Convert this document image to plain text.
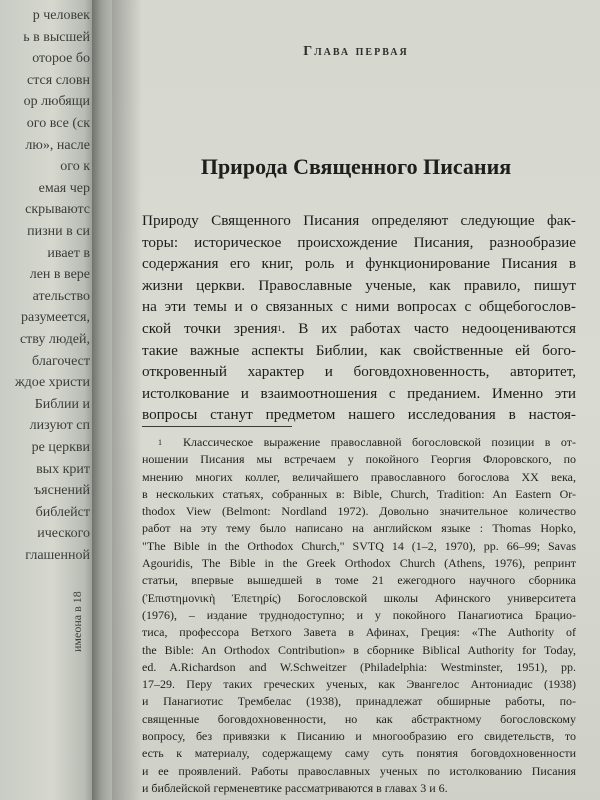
р человек
ь в высшей
оторое бо
стся словн
ор любящи
ого все (ск
лю», насле
ого к
емая чер
скрываютс
пизни в си
ивает в
лен в вере
ательство
разумеется,
ству людей,
благочест
ждое христи
Библии и
лизуют сп
ре церкви
вых крит
ъяснений
библейст
ического
глашенной
имеона в 18
Глава первая
Природа Священного Писания
Природу Священного Писания определяют следующие фак-
торы: историческое происхождение Писания, разнообразие
содержания его книг, роль и функционирование Писания в
жизни церкви. Православные ученые, как правило, пишут
на эти темы и о связанных с ними вопросах с общебогослов-
ской точки зрения$^1$. В их работах часто недооцениваются
такие важные аспекты Библии, как свойственные ей бого-
откровенный характер и боговдохновенность, авторитет,
истолкование и взаимоотношения с преданием. Именно эти
вопросы станут предметом нашего исследования в настоя-
$^1$ Классическое выражение православной богословской позиции в от-
ношении Писания мы встречаем у покойного Георгия Флоровского, по
мнению многих коллег, величайшего православного богослова XX века,
в нескольких статьях, собранных в: Bible, Church, Tradition: An Eastern Or-
thodox View (Belmont: Nordland 1972). Довольно значительное количество
работ на эту тему было написано на английском языке : Thomas Hopko,
"The Bible in the Orthodox Church," SVTQ 14 (1–2, 1970), pp. 66–99; Savas
Agouridis, The Bible in the Greek Orthodox Church (Athens, 1976), репринт
статьи, впервые вышедшей в томе 21 ежегодного научного сборника
(Ἐπιστημονικὴ Ἐπετηρίς) Богословской школы Афинского университета
(1976), – издание труднодоступно; и у покойного Панагиотиса Брацио-
тиса, профессора Ветхого Завета в Афинах, Греция: «The Authority of
the Bible: An Orthodox Contribution» в сборнике Biblical Authority for Today,
ed. A.Richardson and W.Schweitzer (Philadelphia: Westminster, 1951), pp.
17–29. Перу таких греческих ученых, как Эвангелос Антониадис (1938)
и Панагиотис Трембелас (1938), принадлежат обширные работы, по-
священные боговдохновенности, но как абстрактному богословскому
вопросу, без привязки к Писанию и многообразию его свидетельств, то
есть к материалу, содержащему саму суть понятия боговдохновенности
и ее проявлений. Работы православных ученых по истолкованию Писания
и библейской герменевтике рассматриваются в главах 3 и 6.
